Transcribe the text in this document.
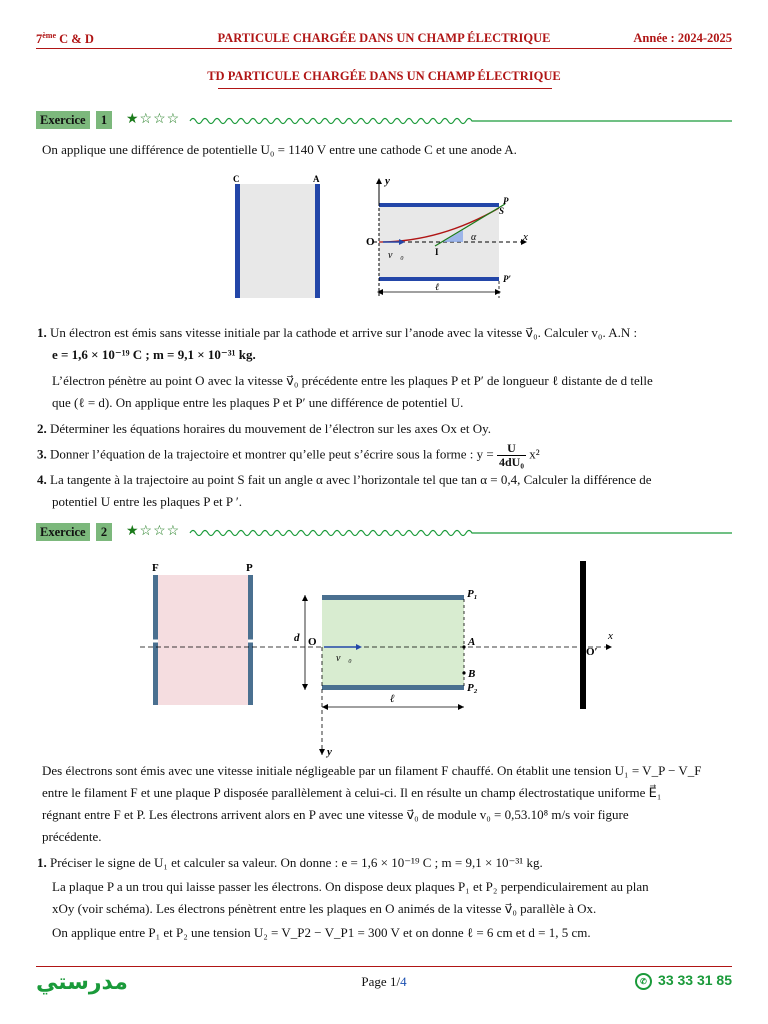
7ème C & D	PARTICULE CHARGÉE DANS UN CHAMP ÉLECTRIQUE	Année : 2024-2025
TD PARTICULE CHARGÉE DANS UN CHAMP ÉLECTRIQUE
Exercice	1	★☆☆☆
On applique une différence de potentielle U₀ = 1140 V entre une cathode C et une anode A.
C	A	y
x
O
P
P′
S
I
α
v⃗₀
ℓ
1. Un électron est émis sans vitesse initiale par la cathode et arrive sur l’anode avec la vitesse v⃗₀. Calculer v₀. A.N :
e = 1,6 × 10⁻¹⁹ C ; m = 9,1 × 10⁻³¹ kg.
L’électron pénètre au point O avec la vitesse v⃗₀ précédente entre les plaques P et P′ de longueur ℓ distante de d telle
que (ℓ = d). On applique entre les plaques P et P′ une différence de potentiel U.
2. Déterminer les équations horaires du mouvement de l’électron sur les axes Ox et Oy.
3. Donner l’équation de la trajectoire et montrer qu’elle peut s’écrire sous la forme : $y = \frac{U}{\text{4dU₀}} x^2$
4. La tangente à la trajectoire au point S fait un angle α avec l’horizontale tel que tan α = 0,4, Calculer la différence de
potentiel U entre les plaques P et P ′.
Exercice	2	★☆☆☆
F	P
P₁
P₂
x
y
ℓ
d O
v⃗₀
A
B
O′
Des électrons sont émis avec une vitesse initiale négligeable par un filament F chauffé. On établit une tension U₁ = V_P − V_F
entre le filament F et une plaque P disposée parallèlement à celui-ci. Il en résulte un champ électrostatique uniforme E⃗₁
régnant entre F et P. Les électrons arrivent alors en P avec une vitesse v⃗₀ de module v₀ = 0,53.10⁸ m/s voir figure
précédente.
1. Préciser le signe de U₁ et calculer sa valeur. On donne : e = 1,6 × 10⁻¹⁹ C ; m = 9,1 × 10⁻³¹ kg.
La plaque P a un trou qui laisse passer les électrons. On dispose deux plaques P₁ et P₂ perpendiculairement au plan
xOy (voir schéma). Les électrons pénètrent entre les plaques en O animés de la vitesse v⃗₀ parallèle à Ox.
On applique entre P₁ et P₂ une tension U₂ = V_P2 − V_P1 = 300 V et on donne ℓ = 6 cm et d = 1, 5 cm.
مدرستي	Page 1/4	✆ 33 33 31 85
